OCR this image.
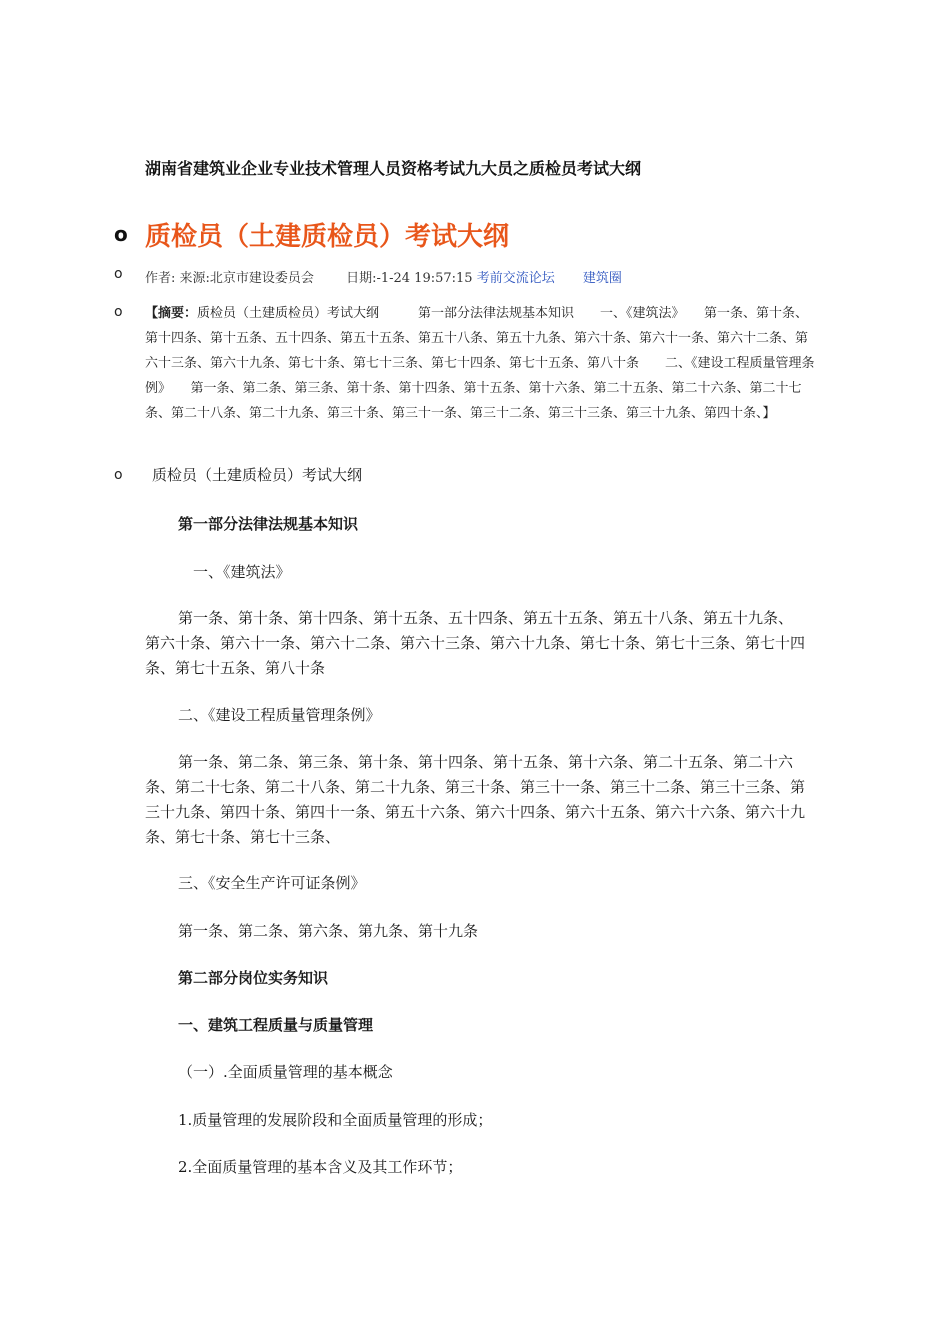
湖南省建筑业企业专业技术管理人员资格考试九大员之质检员考试大纲
o 质检员（土建质检员）考试大纲
o 作者: 来源:北京市建设委员会 日期:-1-24 19:57:15 考前交流论坛 建筑圈
o 【摘要：质检员（土建质检员）考试大纲　　　第一部分法律法规基本知识　　一、《建筑法》　　第一条、第十条、第十四条、第十五条、五十四条、第五十五条、第五十八条、第五十九条、第六十条、第六十一条、第六十二条、第六十三条、第六十九条、第七十条、第七十三条、第七十四条、第七十五条、第八十条　　二、《建设工程质量管理条例》　　第一条、第二条、第三条、第十条、第十四条、第十五条、第十六条、第二十五条、第二十六条、第二十七条、第二十八条、第二十九条、第三十条、第三十一条、第三十二条、第三十三条、第三十九条、第四十条、】
o 质检员（土建质检员）考试大纲
第一部分法律法规基本知识
一、《建筑法》
第一条、第十条、第十四条、第十五条、五十四条、第五十五条、第五十八条、第五十九条、第六十条、第六十一条、第六十二条、第六十三条、第六十九条、第七十条、第七十三条、第七十四条、第七十五条、第八十条
二、《建设工程质量管理条例》
第一条、第二条、第三条、第十条、第十四条、第十五条、第十六条、第二十五条、第二十六条、第二十七条、第二十八条、第二十九条、第三十条、第三十一条、第三十二条、第三十三条、第三十九条、第四十条、第四十一条、第五十六条、第六十四条、第六十五条、第六十六条、第六十九条、第七十条、第七十三条、
三、《安全生产许可证条例》
第一条、第二条、第六条、第九条、第十九条
第二部分岗位实务知识
一、建筑工程质量与质量管理
（一）.全面质量管理的基本概念
1.质量管理的发展阶段和全面质量管理的形成；
2.全面质量管理的基本含义及其工作环节；
